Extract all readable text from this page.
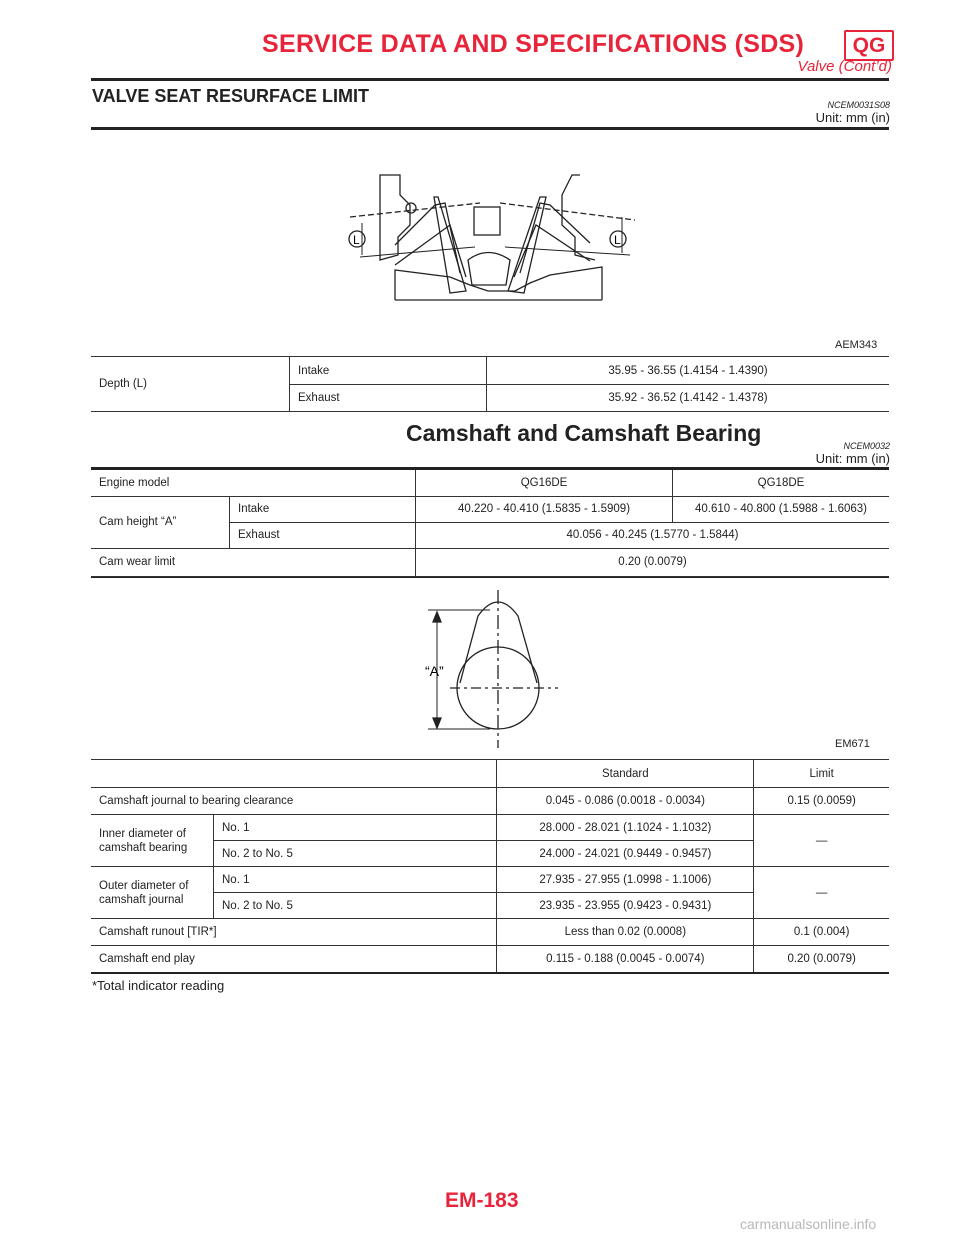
SERVICE DATA AND SPECIFICATIONS (SDS)	QG
Valve (Cont’d)
VALVE SEAT RESURFACE LIMIT	NCEM0031S08
Unit: mm (in)
L	L
AEM343

Depth (L)	Intake	35.95 - 36.55 (1.4154 - 1.4390)
	Exhaust	35.92 - 36.52 (1.4142 - 1.4378)
Camshaft and Camshaft Bearing	NCEM0032
Unit: mm (in)
Engine model		QG16DE	QG18DE
Cam height “A”	Intake	40.220 - 40.410 (1.5835 - 1.5909)	40.610 - 40.800 (1.5988 - 1.6063)
	Exhaust	40.056 - 40.245 (1.5770 - 1.5844)	
Cam wear limit		0.20 (0.0079)	
“A”
EM671

		Standard	Limit
Camshaft journal to bearing clearance		0.045 - 0.086 (0.0018 - 0.0034)	0.15 (0.0059)
Inner diameter of camshaft bearing	No. 1	28.000 - 28.021 (1.1024 - 1.1032)	—
	No. 2 to No. 5	24.000 - 24.021 (0.9449 - 0.9457)	
Outer diameter of camshaft journal	No. 1	27.935 - 27.955 (1.0998 - 1.1006)	—
	No. 2 to No. 5	23.935 - 23.955 (0.9423 - 0.9431)	
Camshaft runout [TIR*]		Less than 0.02 (0.0008)	0.1 (0.004)
Camshaft end play		0.115 - 0.188 (0.0045 - 0.0074)	0.20 (0.0079)
*Total indicator reading
EM-183
carmanualsonline.info
